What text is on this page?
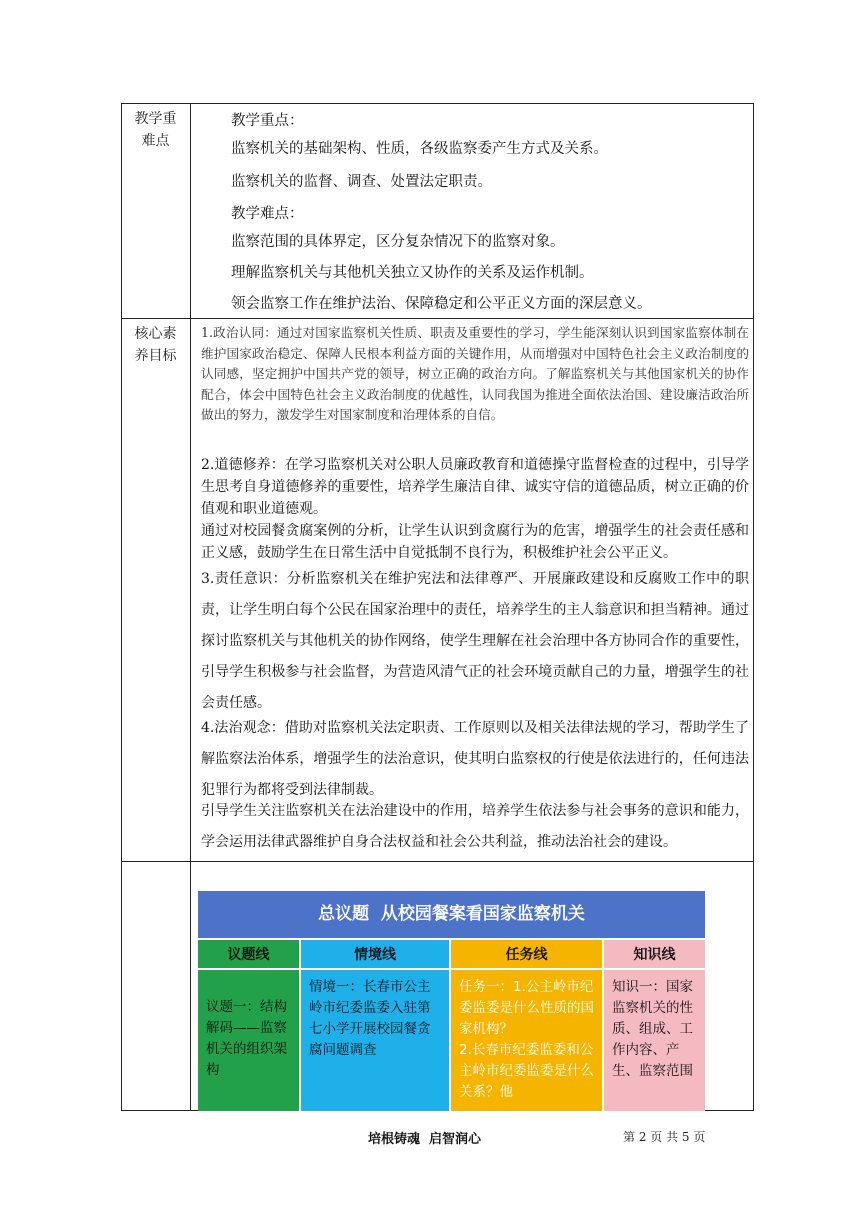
教学重
难点
教学重点：
监察机关的基础架构、性质，各级监察委产生方式及关系。
监察机关的监督、调查、处置法定职责。
教学难点：
监察范围的具体界定，区分复杂情况下的监察对象。
理解监察机关与其他机关独立又协作的关系及运作机制。
领会监察工作在维护法治、保障稳定和公平正义方面的深层意义。
核心素
养目标
1.政治认同：通过对国家监察机关性质、职责及重要性的学习，学生能深刻认识到国家监察体制在维护国家政治稳定、保障人民根本利益方面的关键作用，从而增强对中国特色社会主义政治制度的认同感，坚定拥护中国共产党的领导，树立正确的政治方向。了解监察机关与其他国家机关的协作配合，体会中国特色社会主义政治制度的优越性，认同我国为推进全面依法治国、建设廉洁政治所做出的努力，激发学生对国家制度和治理体系的自信。
2.道德修养：在学习监察机关对公职人员廉政教育和道德操守监督检查的过程中，引导学生思考自身道德修养的重要性，培养学生廉洁自律、诚实守信的道德品质，树立正确的价值观和职业道德观。
通过对校园餐贪腐案例的分析，让学生认识到贪腐行为的危害，增强学生的社会责任感和正义感，鼓励学生在日常生活中自觉抵制不良行为，积极维护社会公平正义。
3.责任意识：分析监察机关在维护宪法和法律尊严、开展廉政建设和反腐败工作中的职责，让学生明白每个公民在国家治理中的责任，培养学生的主人翁意识和担当精神。通过探讨监察机关与其他机关的协作网络，使学生理解在社会治理中各方协同合作的重要性，引导学生积极参与社会监督，为营造风清气正的社会环境贡献自己的力量，增强学生的社会责任感。
4.法治观念：借助对监察机关法定职责、工作原则以及相关法律法规的学习，帮助学生了解监察法治体系，增强学生的法治意识，使其明白监察权的行使是依法进行的，任何违法犯罪行为都将受到法律制裁。
引导学生关注监察机关在法治建设中的作用，培养学生依法参与社会事务的意识和能力，学会运用法律武器维护自身合法权益和社会公共利益，推动法治社会的建设。
总议题  从校园餐案看国家监察机关
议题线
议题一：结构解码——监察机关的组织架构
情境线
情境一：长春市公主岭市纪委监委入驻第七小学开展校园餐贪腐问题调查
任务线
任务一：1.公主岭市纪委监委是什么性质的国家机构？
2.长春市纪委监委和公主岭市纪委监委是什么关系？他
知识线
知识一：国家监察机关的性质、组成、工作内容、产生、监察范围
培根铸魂  启智润心	第 2 页 共 5 页
